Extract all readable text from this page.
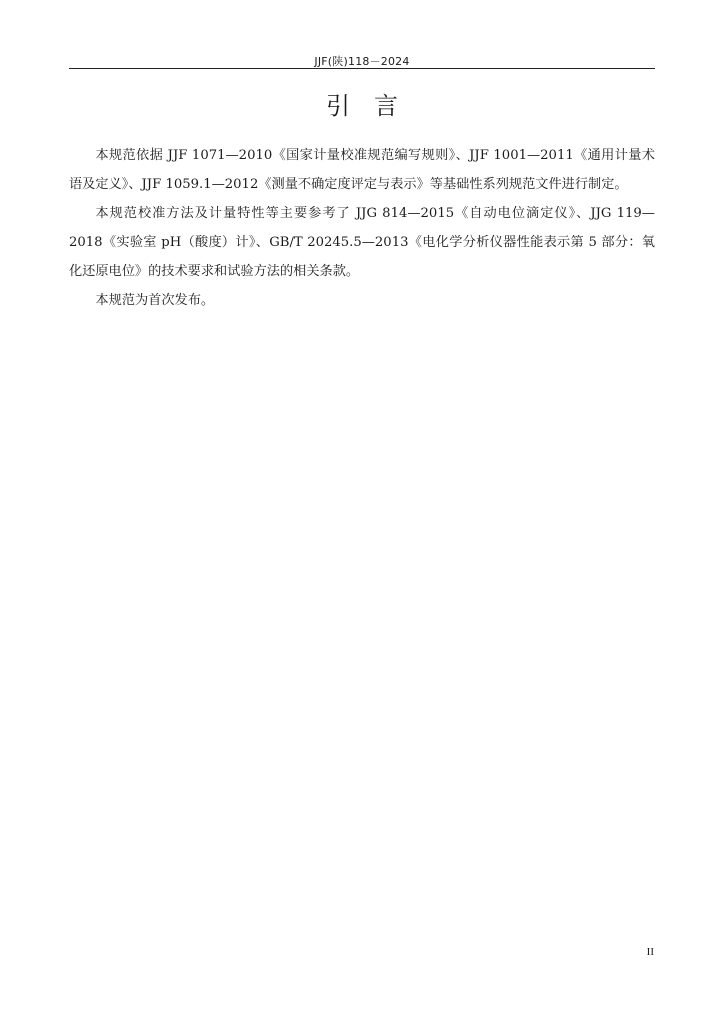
JJF(陕)118－2024
引言

本规范依据 JJF 1071—2010《国家计量校准规范编写规则》、JJF 1001—2011《通用计量术语及定义》、JJF 1059.1—2012《测量不确定度评定与表示》等基础性系列规范文件进行制定。

本规范校准方法及计量特性等主要参考了 JJG 814—2015《自动电位滴定仪》、JJG 119—2018《实验室 pH（酸度）计》、GB/T 20245.5—2013《电化学分析仪器性能表示第 5 部分：氧化还原电位》的技术要求和试验方法的相关条款。

本规范为首次发布。

II
